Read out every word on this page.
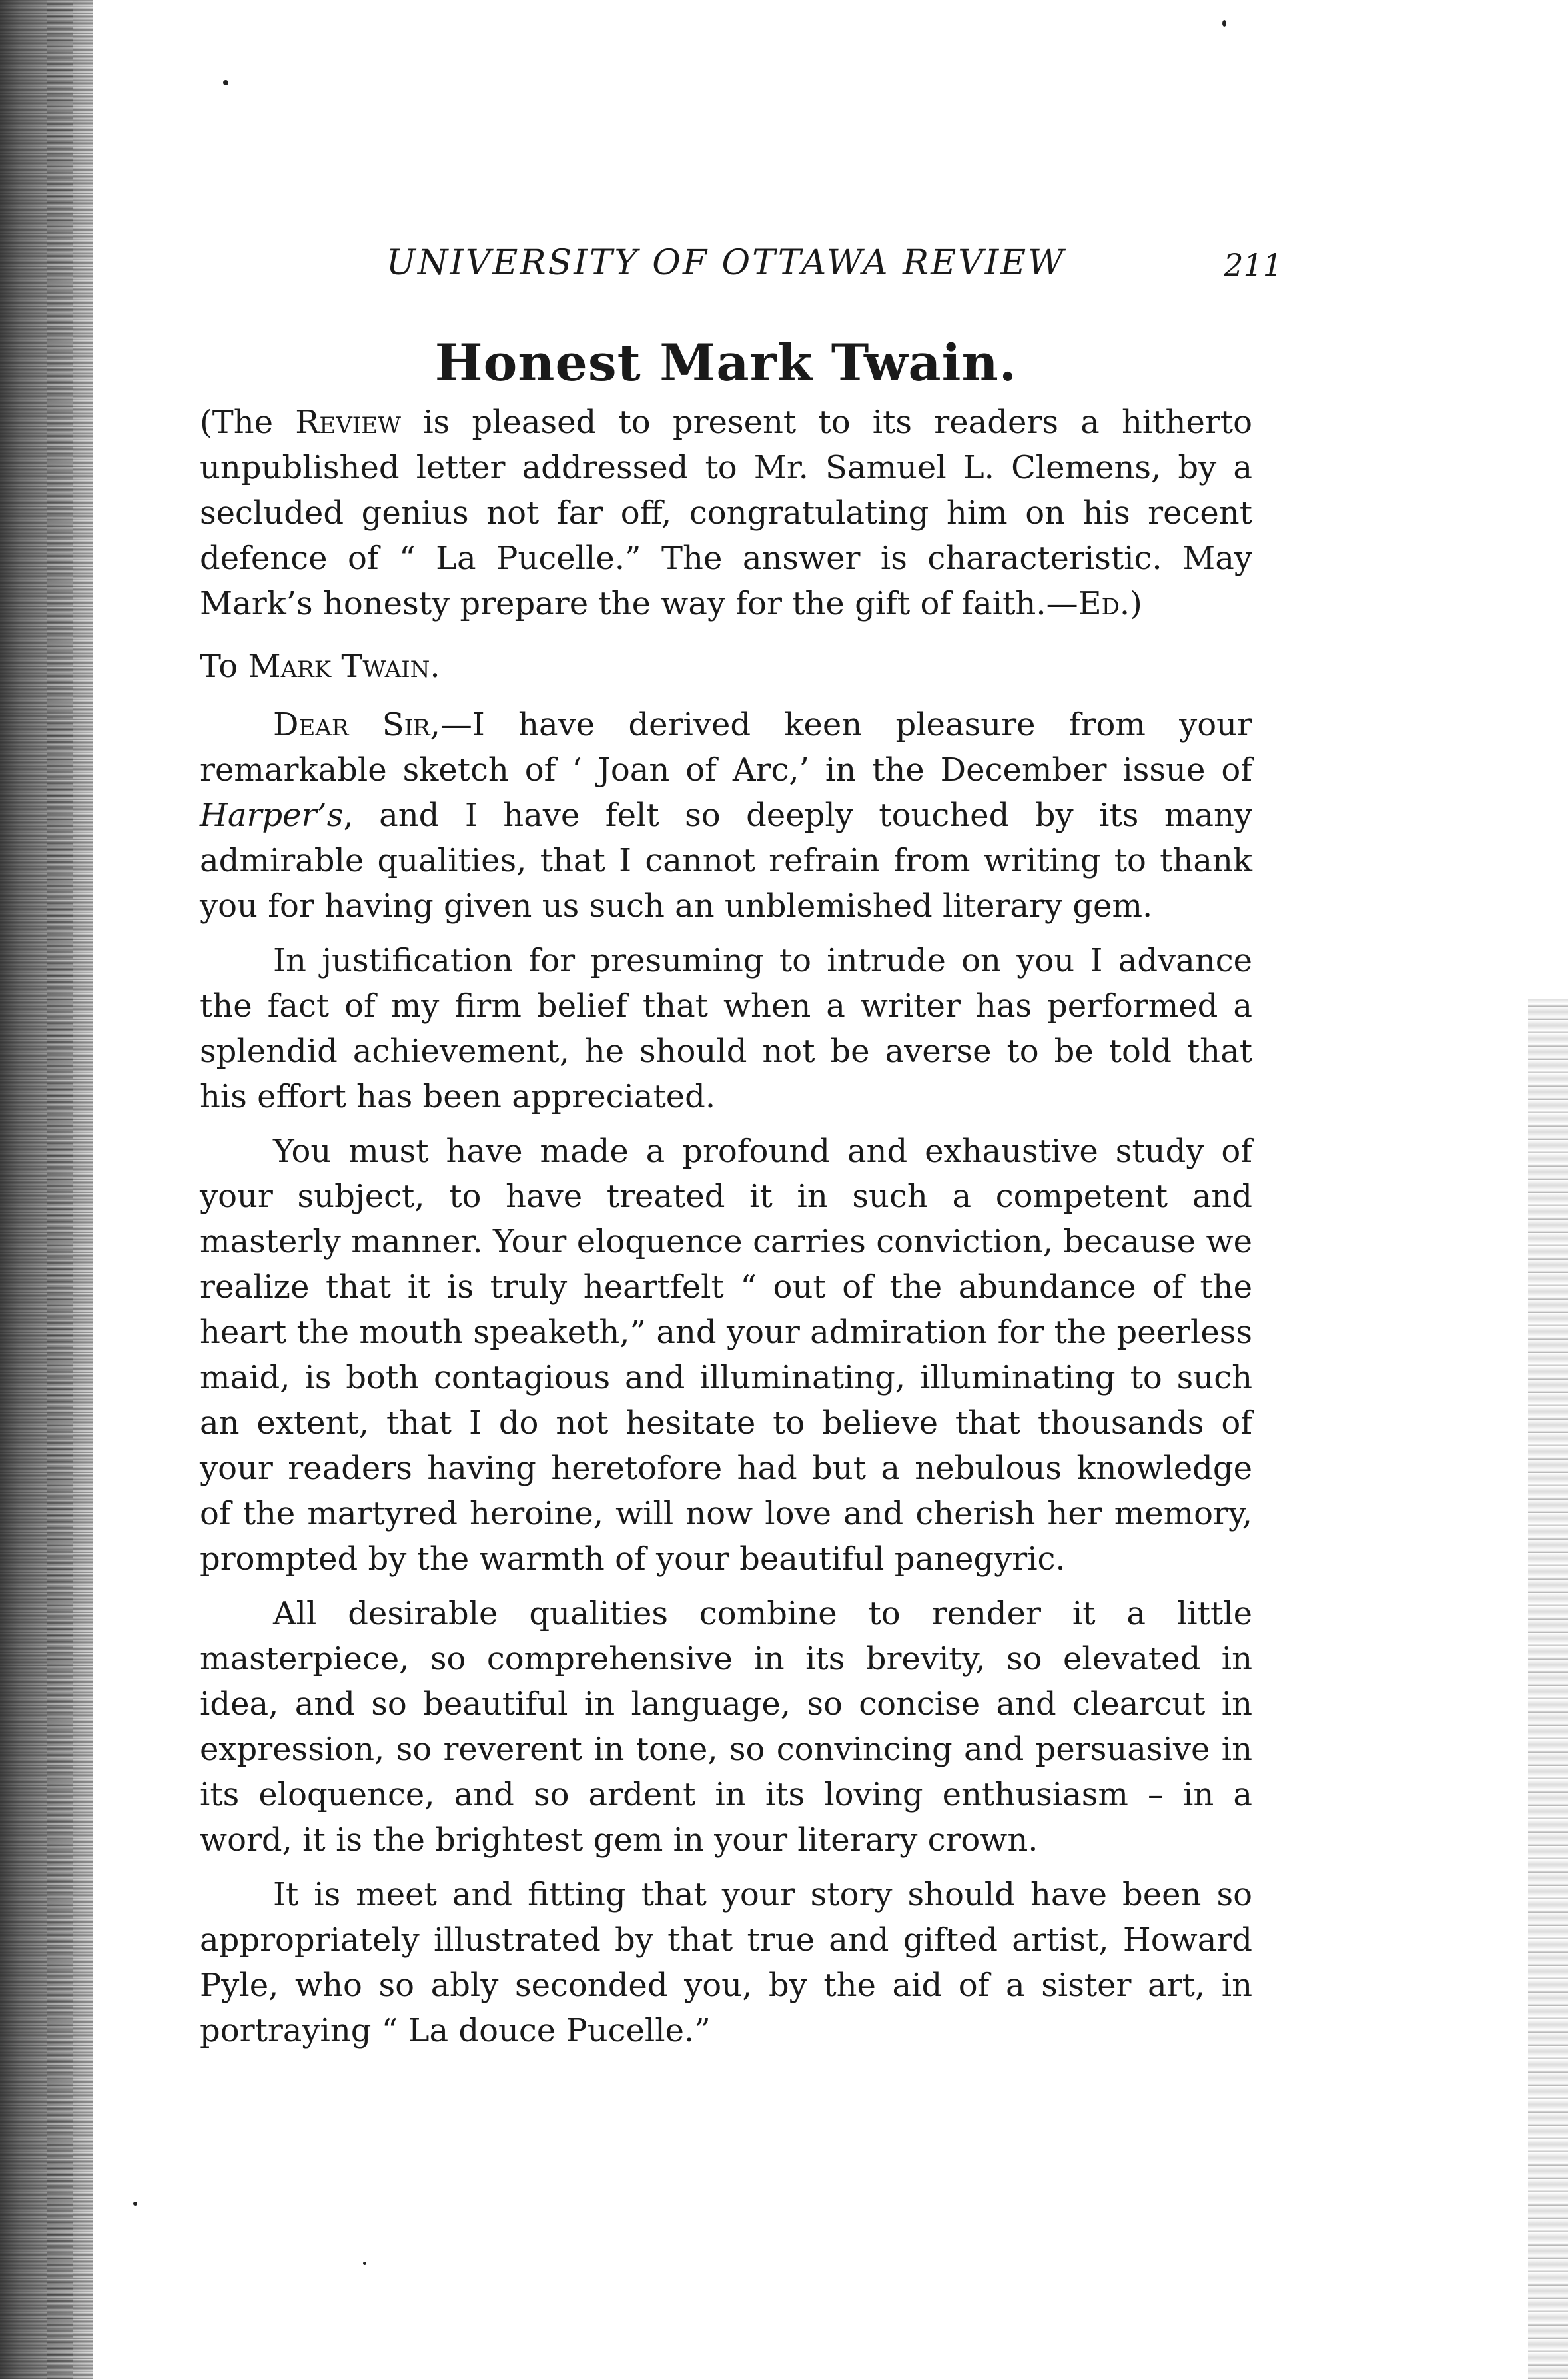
UNIVERSITY OF OTTAWA REVIEW	211
Honest Mark Twain.

(The Review is pleased to present to its readers a hitherto unpublished letter addressed to Mr. Samuel L. Clemens, by a secluded genius not far off, congratulating him on his recent defence of “ La Pucelle.” The answer is characteristic. May Mark’s honesty prepare the way for the gift of faith.—Ed.)

To Mark Twain.

Dear Sir,—I have derived keen pleasure from your remarkable sketch of ‘ Joan of Arc,’ in the December issue of Harper’s, and I have felt so deeply touched by its many admirable qualities, that I cannot refrain from writing to thank you for having given us such an unblemished literary gem.

In justification for presuming to intrude on you I advance the fact of my firm belief that when a writer has performed a splendid achievement, he should not be averse to be told that his effort has been appreciated.

You must have made a profound and exhaustive study of your subject, to have treated it in such a competent and masterly manner. Your eloquence carries conviction, because we realize that it is truly heartfelt “ out of the abundance of the heart the mouth speaketh,” and your admiration for the peerless maid, is both contagious and illuminating, illuminating to such an extent, that I do not hesitate to believe that thousands of your readers having heretofore had but a nebulous knowledge of the martyred heroine, will now love and cherish her memory, prompted by the warmth of your beautiful panegyric.

All desirable qualities combine to render it a little masterpiece, so comprehensive in its brevity, so elevated in idea, and so beautiful in language, so concise and clearcut in expression, so reverent in tone, so convincing and persuasive in its eloquence, and so ardent in its loving enthusiasm – in a word, it is the brightest gem in your literary crown.

It is meet and fitting that your story should have been so appropriately illustrated by that true and gifted artist, Howard Pyle, who so ably seconded you, by the aid of a sister art, in portraying “ La douce Pucelle.”
